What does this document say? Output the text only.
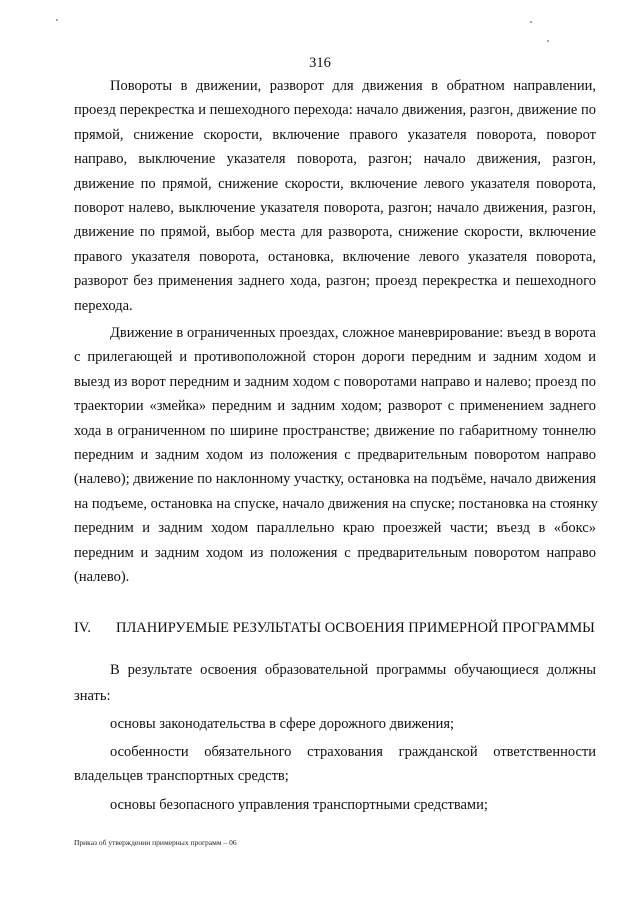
316
Повороты в движении, разворот для движения в обратном направлении,
проезд перекрестка и пешеходного перехода: начало движения, разгон, движение по
прямой, снижение скорости, включение правого указателя поворота, поворот
направо, выключение указателя поворота, разгон; начало движения, разгон,
движение по прямой, снижение скорости, включение левого указателя поворота,
поворот налево, выключение указателя поворота, разгон; начало движения, разгон,
движение по прямой, выбор места для разворота, снижение скорости, включение
правого указателя поворота, остановка, включение левого указателя поворота,
разворот без применения заднего хода, разгон; проезд перекрестка и пешеходного
перехода.
Движение в ограниченных проездах, сложное маневрирование: въезд в ворота
с прилегающей и противоположной сторон дороги передним и задним ходом и
выезд из ворот передним и задним ходом с поворотами направо и налево; проезд по
траектории «змейка» передним и задним ходом; разворот с применением заднего
хода в ограниченном по ширине пространстве; движение по габаритному тоннелю
передним и задним ходом из положения с предварительным поворотом направо
(налево); движение по наклонному участку, остановка на подъёме, начало движения
на подъеме, остановка на спуске, начало движения на спуске; постановка на стоянку
передним и задним ходом параллельно краю проезжей части; въезд в «бокс»
передним и задним ходом из положения с предварительным поворотом направо
(налево).
IV. ПЛАНИРУЕМЫЕ РЕЗУЛЬТАТЫ ОСВОЕНИЯ ПРИМЕРНОЙ ПРОГРАММЫ
В результате освоения образовательной программы обучающиеся должны
знать:
основы законодательства в сфере дорожного движения;
особенности обязательного страхования гражданской ответственности
владельцев транспортных средств;
основы безопасного управления транспортными средствами;
Приказ об утверждении примерных программ – 06
